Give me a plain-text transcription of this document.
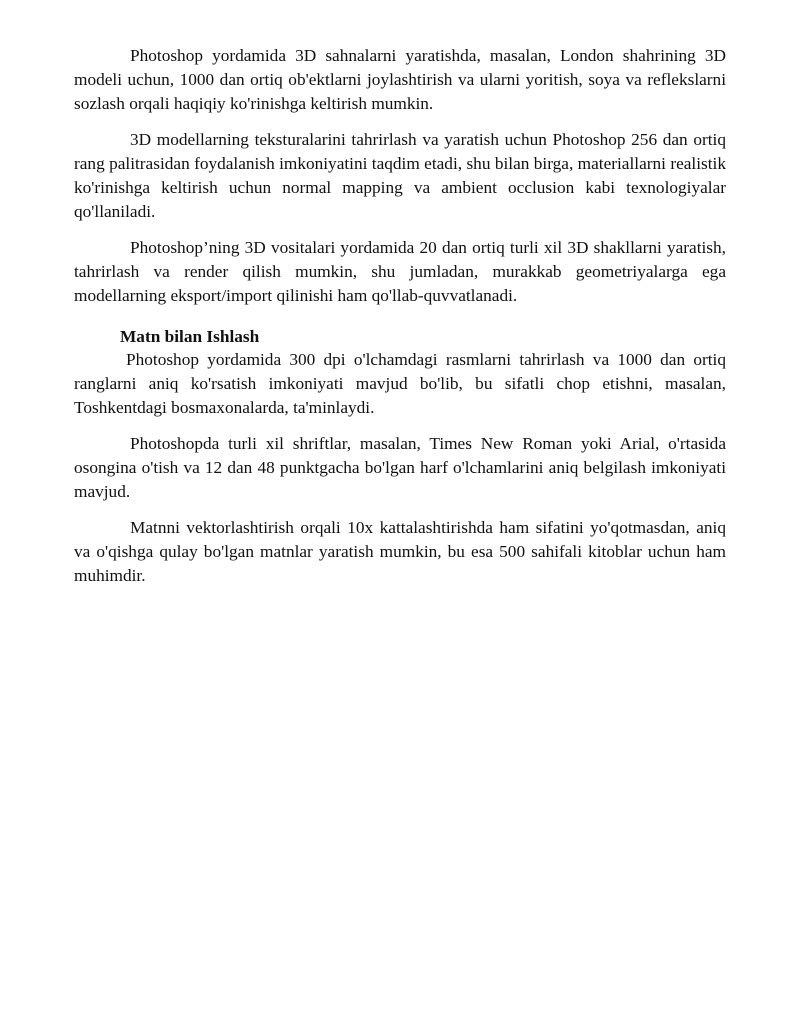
Photoshop yordamida 3D sahnalarni yaratishda, masalan, London shahrining 3D modeli uchun, 1000 dan ortiq ob'ektlarni joylashtirish va ularni yoritish, soya va reflekslarni sozlash orqali haqiqiy ko'rinishga keltirish mumkin.

3D modellarning teksturalarini tahrirlash va yaratish uchun Photoshop 256 dan ortiq rang palitrasidan foydalanish imkoniyatini taqdim etadi, shu bilan birga, materiallarni realistik ko'rinishga keltirish uchun normal mapping va ambient occlusion kabi texnologiyalar qo'llaniladi.

Photoshop’ning 3D vositalari yordamida 20 dan ortiq turli xil 3D shakllarni yaratish, tahrirlash va render qilish mumkin, shu jumladan, murakkab geometriyalarga ega modellarning eksport/import qilinishi ham qo'llab-quvvatlanadi.

Matn bilan Ishlash

Photoshop yordamida 300 dpi o'lchamdagi rasmlarni tahrirlash va 1000 dan ortiq ranglarni aniq ko'rsatish imkoniyati mavjud bo'lib, bu sifatli chop etishni, masalan, Toshkentdagi bosmaxonalarda, ta'minlaydi.

Photoshopda turli xil shriftlar, masalan, Times New Roman yoki Arial, o'rtasida osongina o'tish va 12 dan 48 punktgacha bo'lgan harf o'lchamlarini aniq belgilash imkoniyati mavjud.

Matnni vektorlashtirish orqali 10x kattalashtirishda ham sifatini yo'qotmasdan, aniq va o'qishga qulay bo'lgan matnlar yaratish mumkin, bu esa 500 sahifali kitoblar uchun ham muhimdir.
